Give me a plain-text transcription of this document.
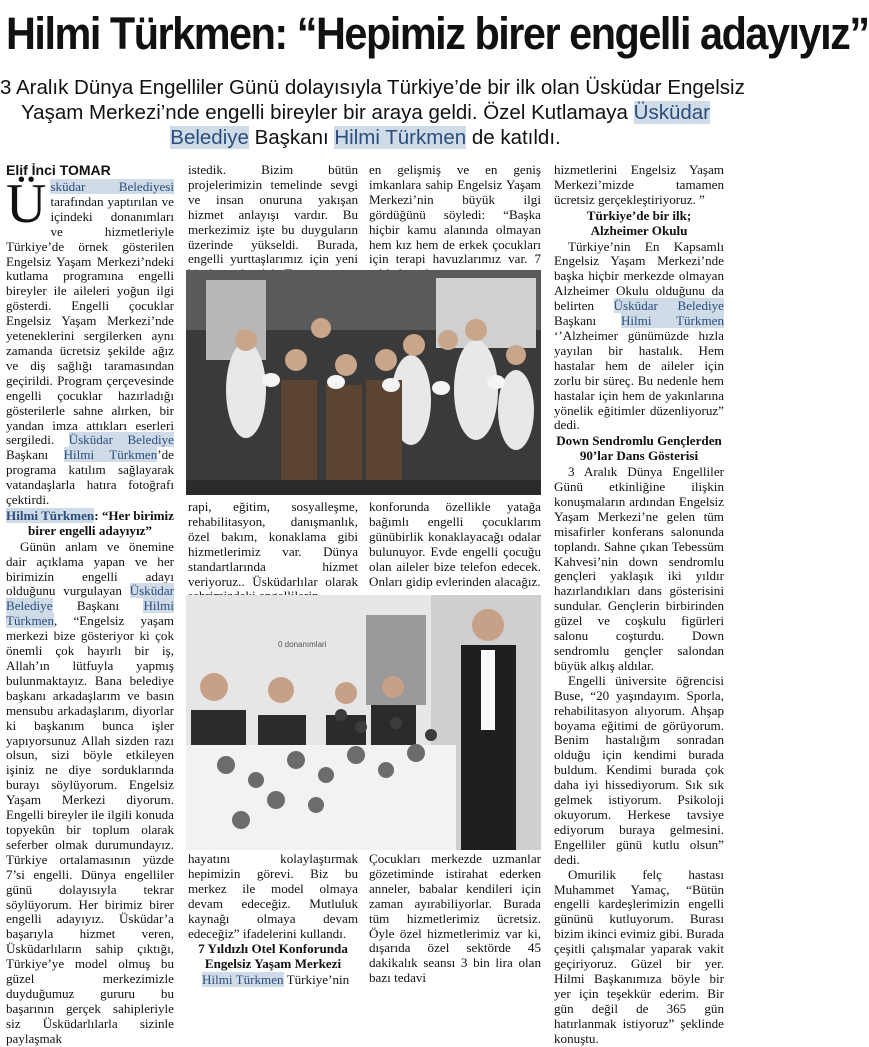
Hilmi Türkmen: “Hepimiz birer engelli adayıyız”
3 Aralık Dünya Engelliler Günü dolayısıyla Türkiye’de bir ilk olan Üsküdar Engelsiz
Yaşam Merkezi’nde engelli bireyler bir araya geldi. Özel Kutlamaya Üsküdar
Belediye Başkanı Hilmi Türkmen de katıldı.
Elif İnci TOMAR

Üsküdar Belediyesi tarafından yaptırılan ve içindeki donanımları ve hizmetleriyle Türkiye’de örnek gösterilen Engelsiz Yaşam Merkezi’ndeki kutlama programına engelli bireyler ile aileleri yoğun ilgi gösterdi. Engelli çocuklar Engelsiz Yaşam Merkezi’nde yeteneklerini sergilerken aynı zamanda ücretsiz şekilde ağız ve diş sağlığı taramasından geçirildi. Program çerçevesinde engelli çocuklar hazırladığı gösterilerle sahne alırken, bir yandan imza attıkları eserleri sergiledi. Üsküdar Belediye Başkanı Hilmi Türkmen’de programa katılım sağlayarak vatandaşlarla hatıra fotoğrafı çektirdi.

Hilmi Türkmen: “Her birimiz
birer engelli adayıyız”

Günün anlam ve önemine dair açıklama yapan ve her birimizin engelli adayı olduğunu vurgulayan Üsküdar Belediye Başkanı Hilmi Türkmen, “Engelsiz yaşam merkezi bize gösteriyor ki çok önemli çok hayırlı bir iş, Allah’ın lütfuyla yapmış bulunmaktayız. Bana belediye başkanı arkadaşlarım ve basın mensubu arkadaşlarım, diyorlar ki başkanım bunca işler yapıyorsunuz Allah sizden razı olsun, sizi böyle etkileyen işiniz ne diye sorduklarında burayı söylüyorum. Engelsiz Yaşam Merkezi diyorum. Engelli bireyler ile ilgili konuda topyekûn bir toplum olarak seferber olmak durumundayız. Türkiye ortalamasının yüzde 7’si engelli. Dünya engelliler günü dolayısıyla tekrar söylüyorum. Her birimiz birer engelli adayıyız. Üsküdar’a başarıyla hizmet veren, Üsküdarlıların sahip çıktığı, Türkiye’ye model olmuş bu güzel merkezimizle duyduğumuz gururu bu başarının gerçek sahipleriyle siz Üsküdarlılarla sizinle paylaşmak

istedik. Bizim bütün projelerimizin temelinde sevgi ve insan onuruna yakışan hizmet anlayışı vardır. Bu merkezimiz işte bu duyguların üzerinde yükseldi. Burada, engelli yurttaşlarımız için yeni

en gelişmiş ve en geniş imkanlara sahip Engelsiz Yaşam Merkezi’nin büyük ilgi gördüğünü söyledi: “Başka hiçbir kamu alanında olmayan hem kız hem de erkek çocukları için terapi havuzlarımız var. 7

rapi, eğitim, sosyalleşme, rehabilitasyon, danışmanlık, özel bakım, konaklama gibi hizmetlerimiz var. Dünya standartlarında hizmet veriyoruz.. Üsküdarlılar olarak

konforunda özellikle yatağa bağımlı engelli çocuklarım günübirlik konaklayacağı odalar bulunuyor. Evde engelli çocuğu olan aileler bize telefon edecek. Onları gidip evlerinden alacağız.

0 donanımlari

hayatını kolaylaştırmak hepimizin görevi. Biz bu merkez ile model olmaya devam edeceğiz. Mutluluk kaynağı olmaya devam edeceğiz” ifadelerini kullandı.

7 Yıldızlı Otel Konforunda
Engelsiz Yaşam Merkezi

Hilmi Türkmen Türkiye’nin

Çocukları merkezde uzmanlar gözetiminde istirahat ederken anneler, babalar kendileri için zaman ayırabiliyorlar. Burada tüm hizmetlerimiz ücretsiz. Öyle özel hizmetlerimiz var ki, dışarıda özel sektörde 45 dakikalık seansı 3 bin lira olan bazı tedavi

hizmetlerini Engelsiz Yaşam Merkezi’mizde tamamen ücretsiz gerçekleştiriyoruz. ”

Türkiye’de bir ilk;
Alzheimer Okulu

Türkiye’nin En Kapsamlı Engelsiz Yaşam Merkezi’nde başka hiçbir merkezde olmayan Alzheimer Okulu olduğunu da belirten Üsküdar Belediye Başkanı Hilmi Türkmen ‘’Alzheimer günümüzde hızla yayılan bir hastalık. Hem hastalar hem de aileler için zorlu bir süreç. Bu nedenle hem hastalar için hem de yakınlarına yönelik eğitimler düzenliyoruz” dedi.

Down Sendromlu Gençlerden
90’lar Dans Gösterisi

3 Aralık Dünya Engelliler Günü etkinliğine ilişkin konuşmaların ardından Engelsiz Yaşam Merkezi’ne gelen tüm misafirler konferans salonunda toplandı. Sahne çıkan Tebessüm Kahvesi’nin down sendromlu gençleri yaklaşık iki yıldır hazırlandıkları dans gösterisini sundular. Gençlerin birbirinden güzel ve coşkulu figürleri salonu coşturdu. Down sendromlu gençler salondan büyük alkış aldılar.

Engelli üniversite öğrencisi Buse, “20 yaşındayım. Sporla, rehabilitasyon alıyorum. Ahşap boyama eğitimi de görüyorum. Benim hastalığım sonradan olduğu için kendimi burada buldum. Kendimi burada çok daha iyi hissediyorum. Sık sık gelmek istiyorum. Psikoloji okuyorum. Herkese tavsiye ediyorum buraya gelmesini. Engelliler günü kutlu olsun” dedi.

Omurilik felç hastası Muhammet Yamaç, “Bütün engelli kardeşlerimizin engelli gününü kutluyorum. Burası bizim ikinci evimiz gibi. Burada çeşitli çalışmalar yaparak vakit geçiriyoruz. Güzel bir yer. Hilmi Başkanımıza böyle bir yer için teşekkür ederim. Bir gün değil de 365 gün hatırlanmak istiyoruz” şeklinde konuştu.
